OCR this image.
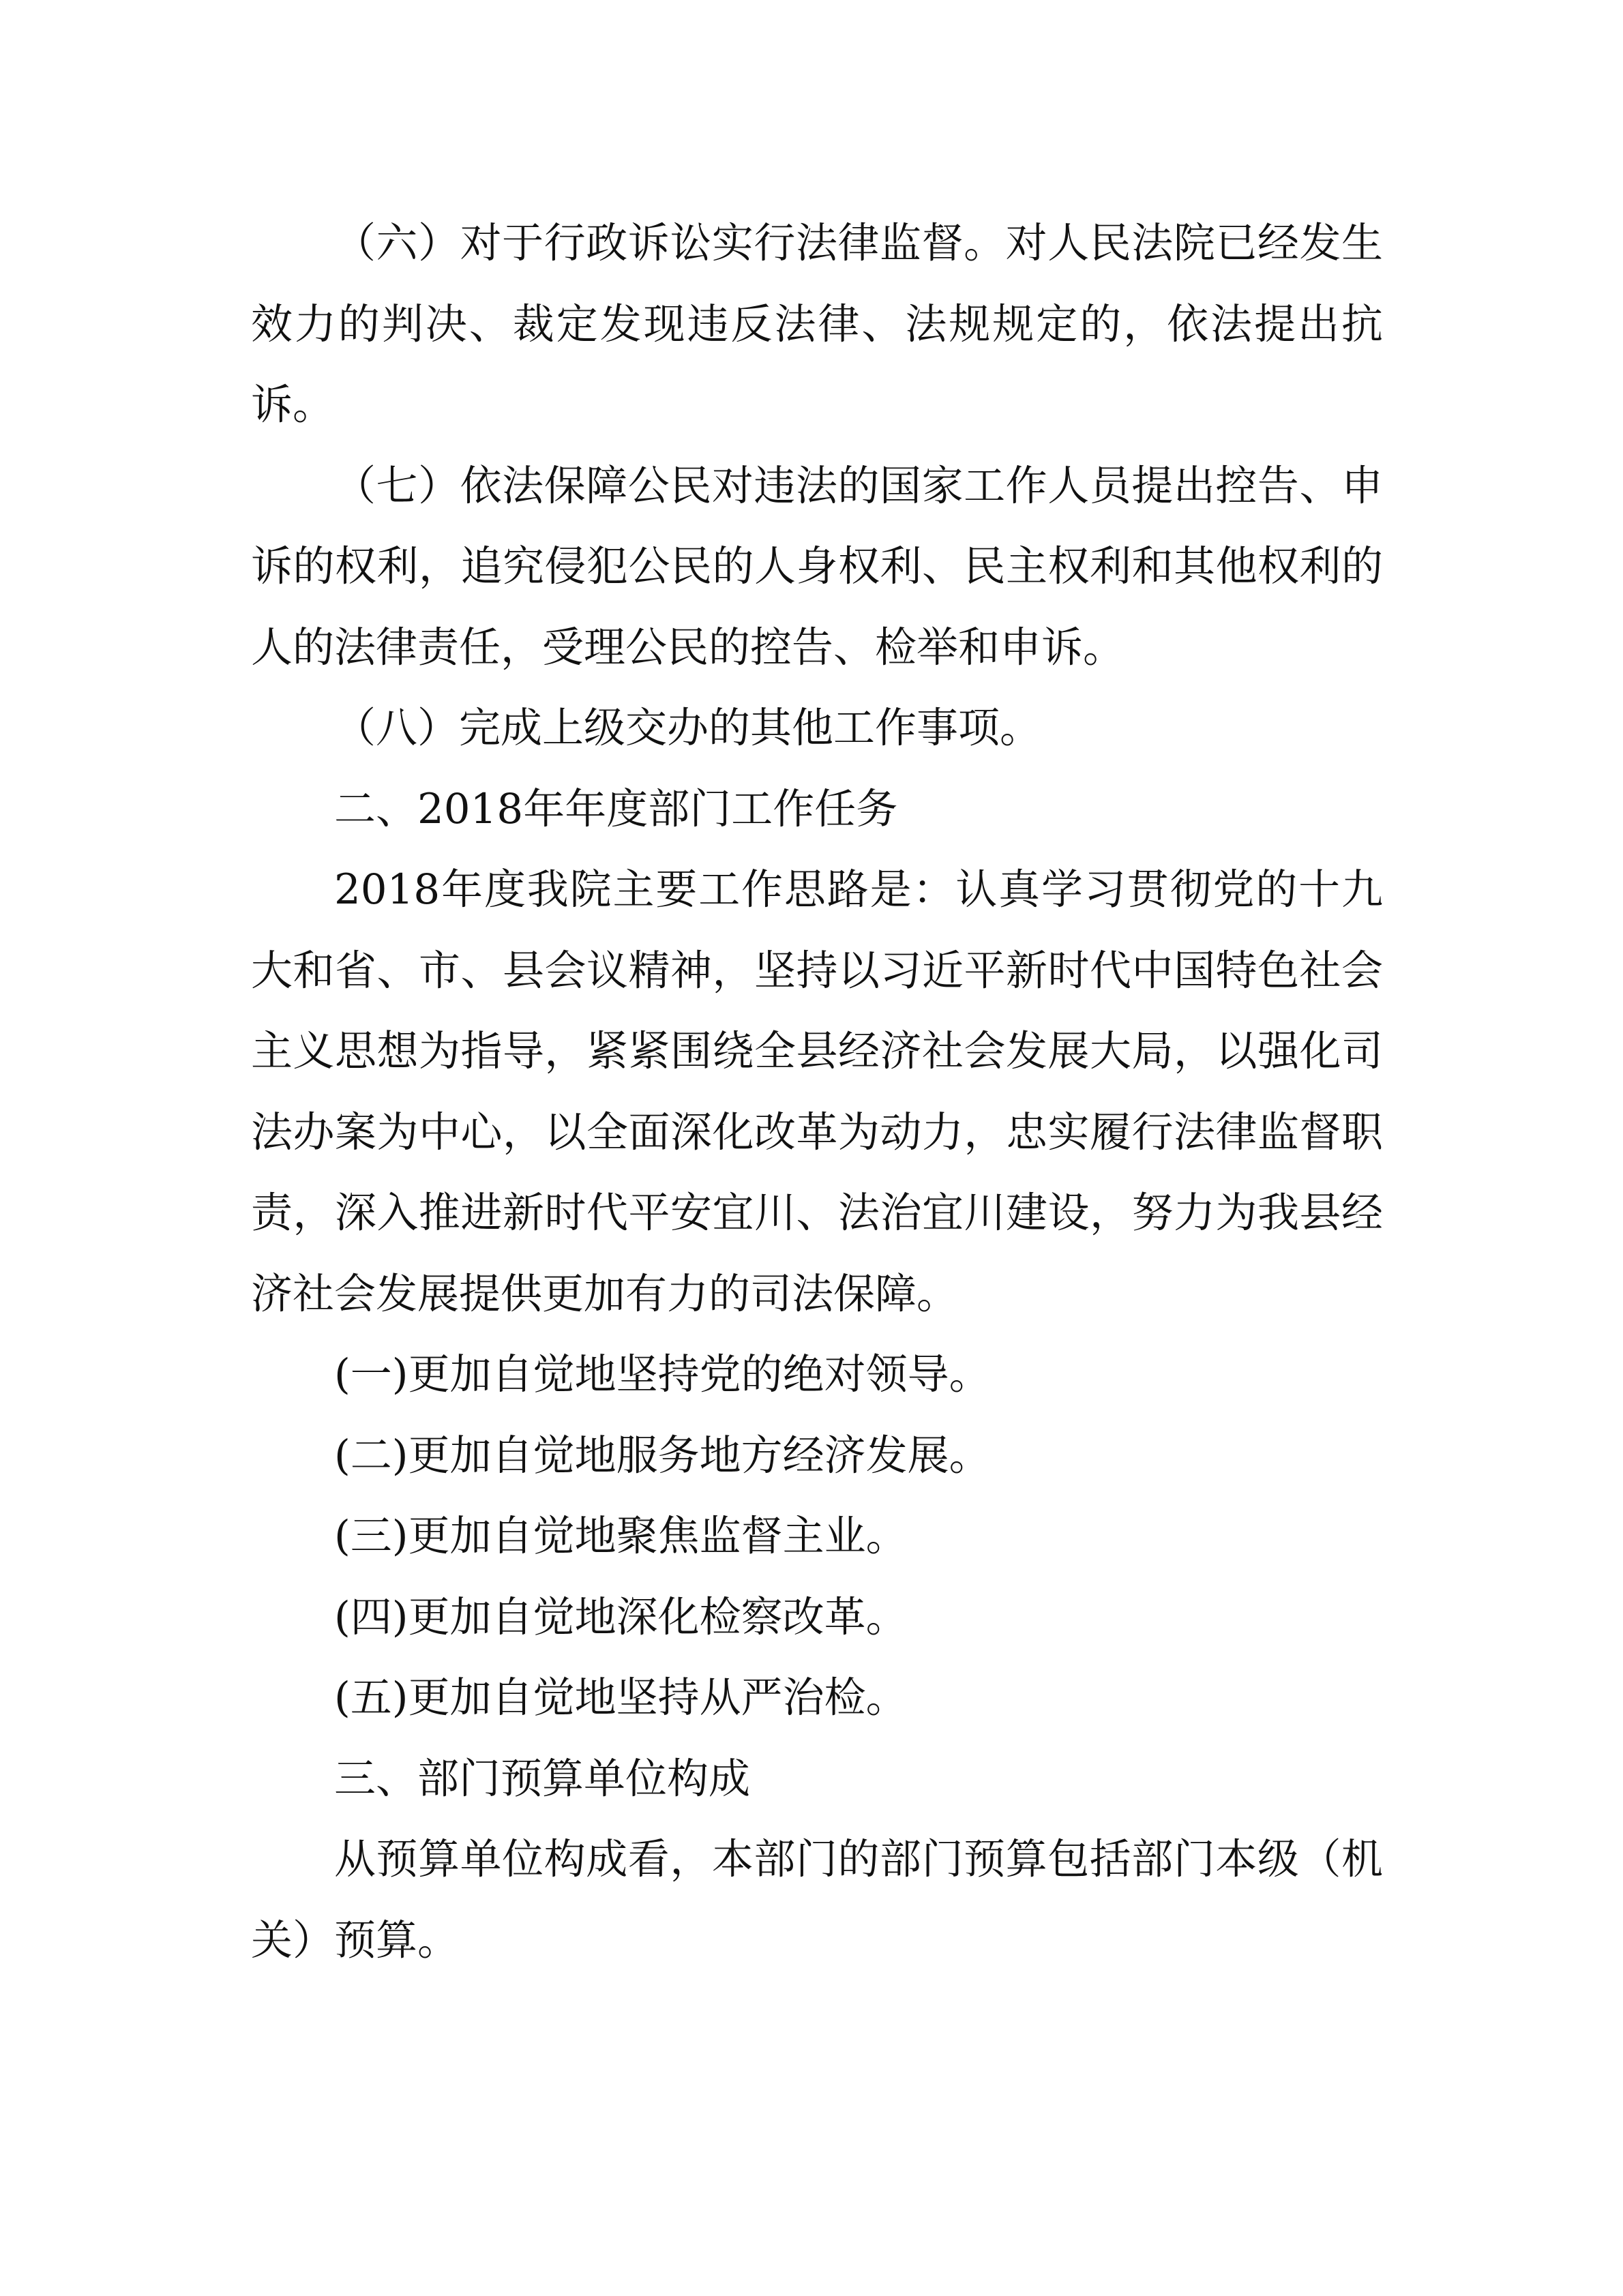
（六）对于行政诉讼实行法律监督。对人民法院已经发生效力的判决、裁定发现违反法律、法规规定的，依法提出抗诉。

（七）依法保障公民对违法的国家工作人员提出控告、申诉的权利，追究侵犯公民的人身权利、民主权利和其他权利的人的法律责任，受理公民的控告、检举和申诉。

（八）完成上级交办的其他工作事项。

二、2018年年度部门工作任务

2018年度我院主要工作思路是：认真学习贯彻党的十九大和省、市、县会议精神，坚持以习近平新时代中国特色社会主义思想为指导，紧紧围绕全县经济社会发展大局，以强化司法办案为中心，以全面深化改革为动力，忠实履行法律监督职责，深入推进新时代平安宜川、法治宜川建设，努力为我县经济社会发展提供更加有力的司法保障。

(一)更加自觉地坚持党的绝对领导。

(二)更加自觉地服务地方经济发展。

(三)更加自觉地聚焦监督主业。

(四)更加自觉地深化检察改革。

(五)更加自觉地坚持从严治检。

三、部门预算单位构成

从预算单位构成看，本部门的部门预算包括部门本级（机关）预算。
